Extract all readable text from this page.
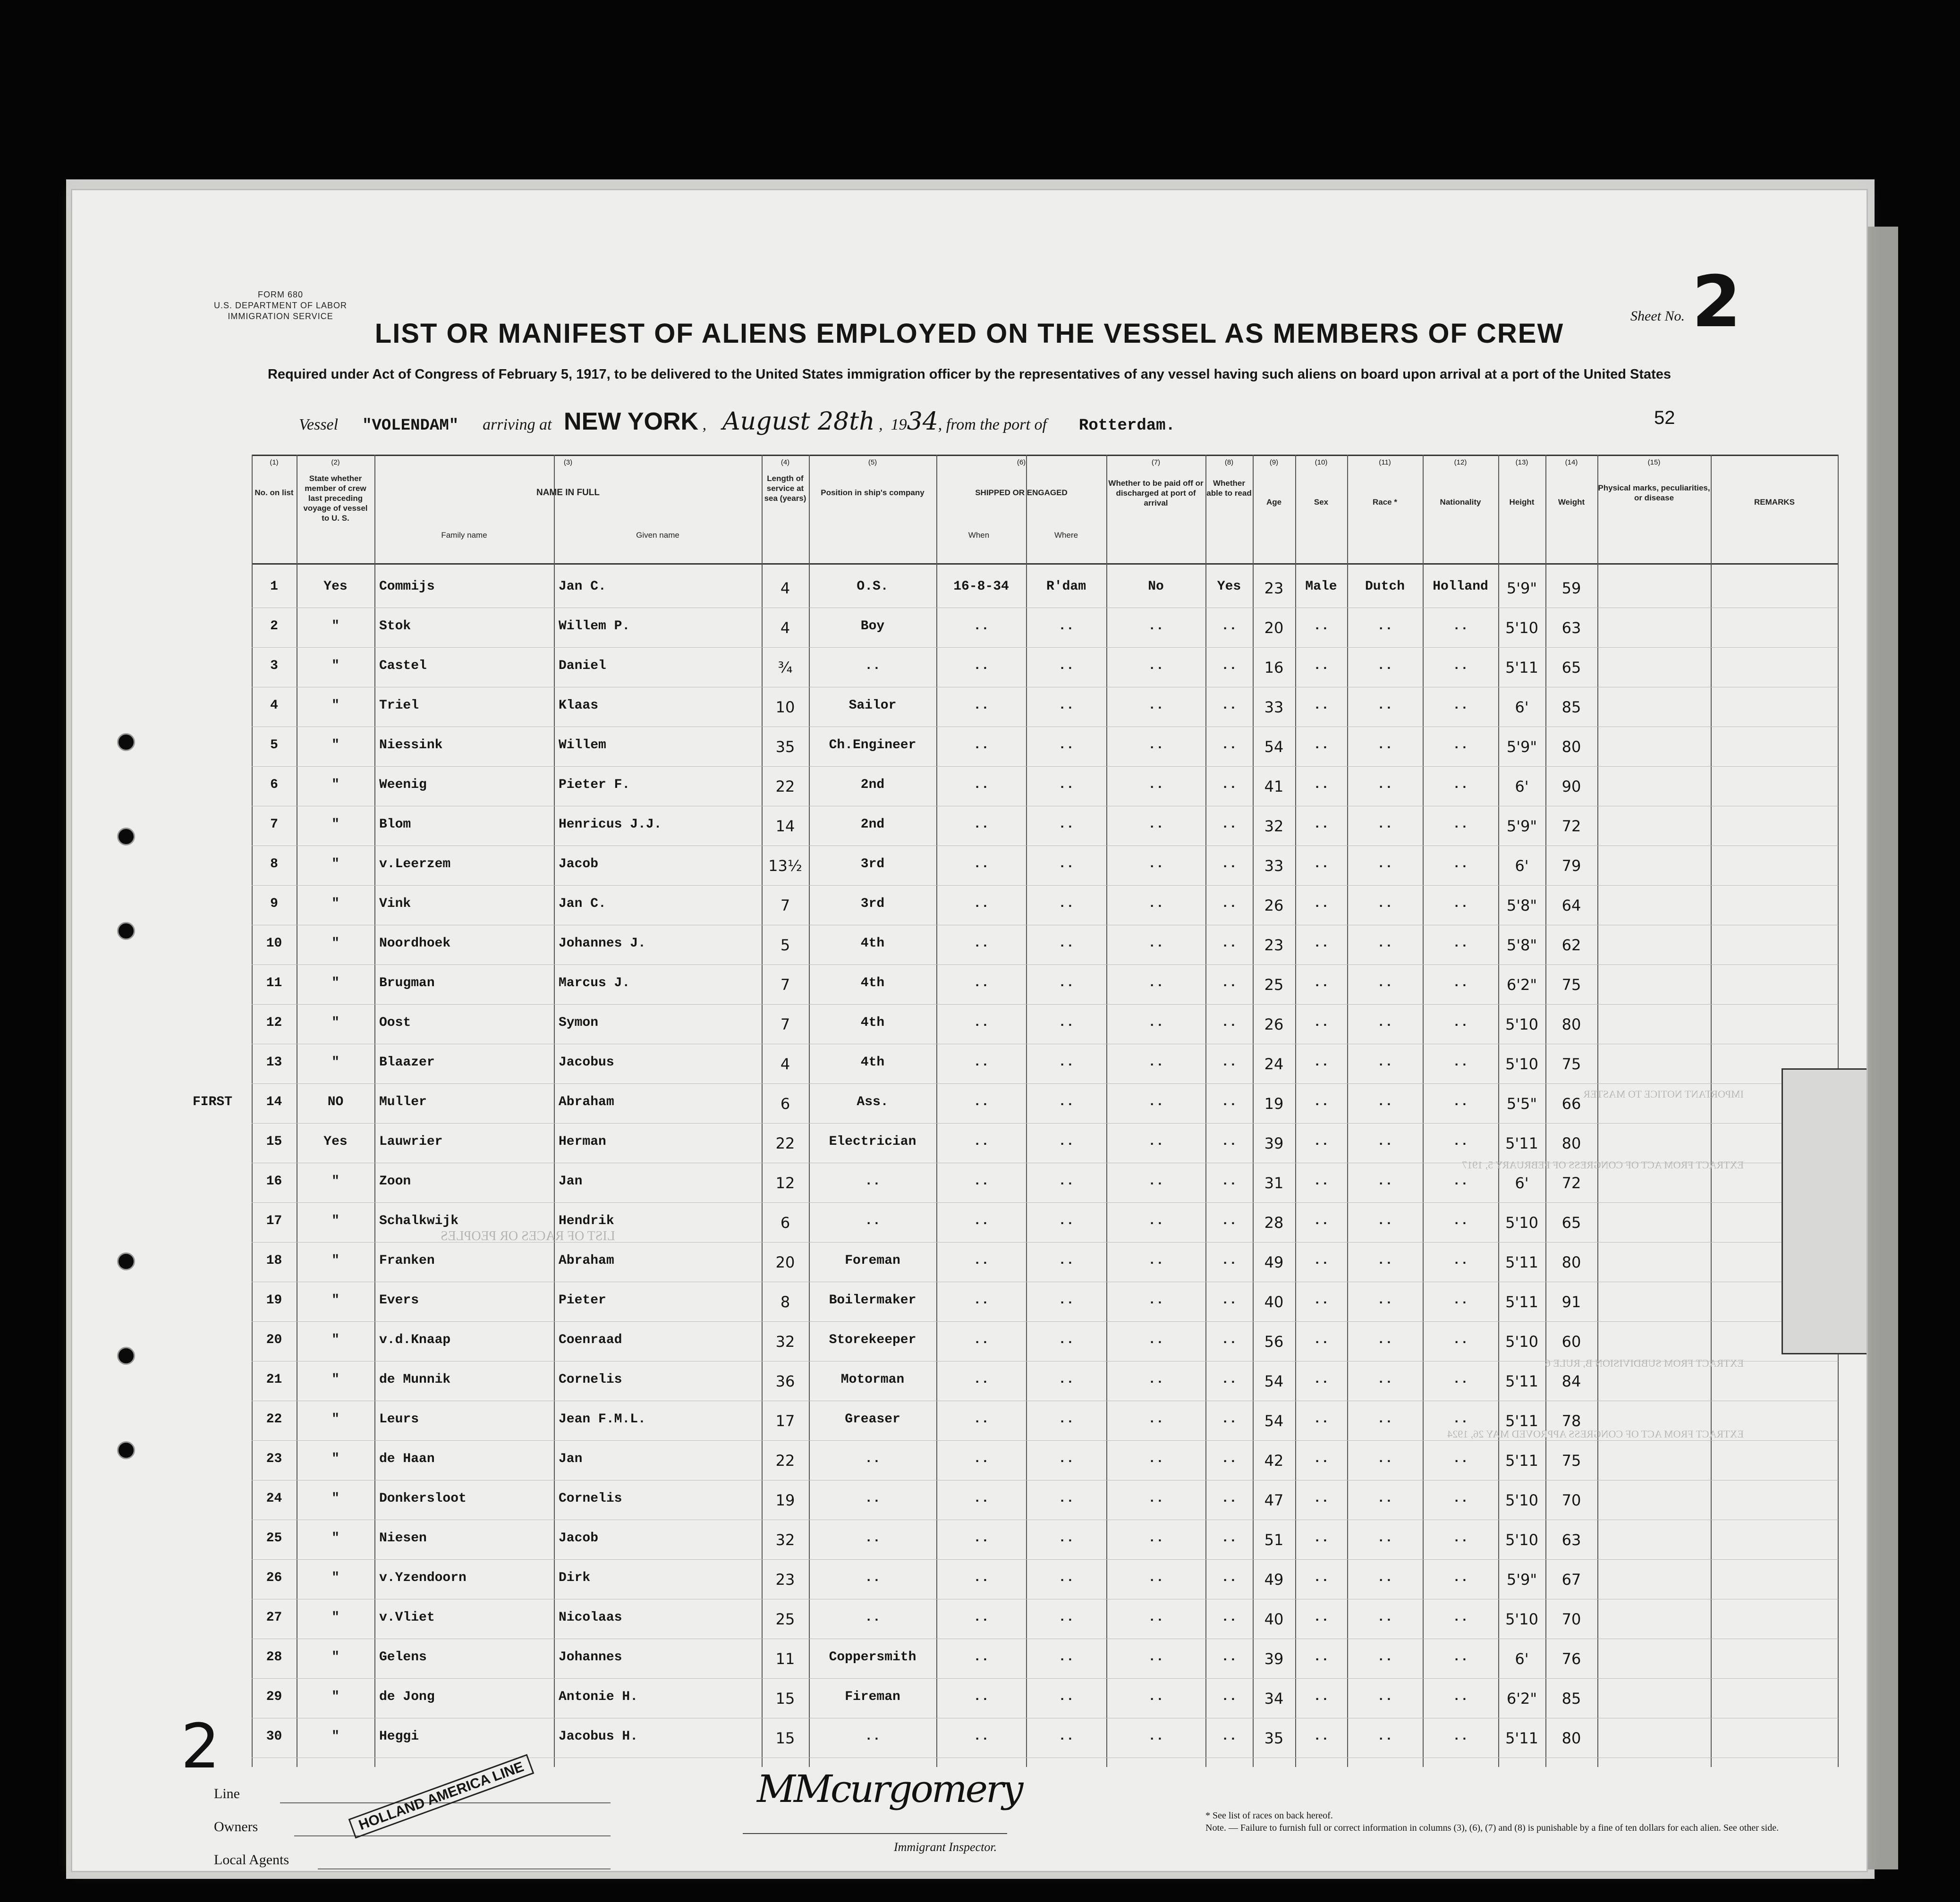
FORM 680
U.S. DEPARTMENT OF LABOR
IMMIGRATION SERVICE	Sheet No. 2
LIST OR MANIFEST OF ALIENS EMPLOYED ON THE VESSEL AS MEMBERS OF CREW
Required under Act of Congress of February 5, 1917, to be delivered to the United States immigration officer by the representatives of any vessel having such aliens on board upon arrival at a port of the United States
Vessel "VOLENDAM" arriving at NEW YORK ,    August 28th ,  1934, from the port of Rotterdam.	52
(1)	(2)	(3)	(4)	(5)	(6)	(7)	(8)	(9)	(10)	(11)	(12)	(13)	(14)	(15)
No. on list
State whether member of crew last preceding voyage of vessel to U. S.
NAME IN FULL
Family name	Given name
Length of service at sea (years)
Position in ship's company	SHIPPED OR ENGAGED
When	Where
Whether to be paid off or discharged at port of arrival
Whether able to read
Age	Sex	Race *	Nationality	Height	Weight
Physical marks, peculiarities, or disease	REMARKS
1	Yes	Commijs	Jan C.	4	O.S.	16-8-34	R'dam	No	Yes	23	Male	Dutch	Holland	5'9"	59
2	"	Stok	Willem P.	4	Boy	..	..	..	..	20	..	..	..	5'10	63
3	"	Castel	Daniel	¾	..	..	..	..	..	16	..	..	..	5'11	65
4	"	Triel	Klaas	10	Sailor	..	..	..	..	33	..	..	..	6'	85
5	"	Niessink	Willem	35	Ch.Engineer	..	..	..	..	54	..	..	..	5'9"	80
6	"	Weenig	Pieter F.	22	2nd	..	..	..	..	41	..	..	..	6'	90
7	"	Blom	Henricus J.J.	14	2nd	..	..	..	..	32	..	..	..	5'9"	72
8	"	v.Leerzem	Jacob	13½	3rd	..	..	..	..	33	..	..	..	6'	79
9	"	Vink	Jan C.	7	3rd	..	..	..	..	26	..	..	..	5'8"	64
10	"	Noordhoek	Johannes J.	5	4th	..	..	..	..	23	..	..	..	5'8"	62
11	"	Brugman	Marcus J.	7	4th	..	..	..	..	25	..	..	..	6'2"	75
12	"	Oost	Symon	7	4th	..	..	..	..	26	..	..	..	5'10	80
13	"	Blaazer	Jacobus	4	4th	..	..	..	..	24	..	..	..	5'10	75
14	NO	Muller	Abraham	6	Ass.	..	..	..	..	19	..	..	..	5'5"	66
FIRST
15	Yes	Lauwrier	Herman	22	Electrician	..	..	..	..	39	..	..	..	5'11	80
16	"	Zoon	Jan	12	..	..	..	..	..	31	..	..	..	6'	72
17	"	Schalkwijk	Hendrik	6	..	..	..	..	..	28	..	..	..	5'10	65
18	"	Franken	Abraham	20	Foreman	..	..	..	..	49	..	..	..	5'11	80
19	"	Evers	Pieter	8	Boilermaker	..	..	..	..	40	..	..	..	5'11	91
20	"	v.d.Knaap	Coenraad	32	Storekeeper	..	..	..	..	56	..	..	..	5'10	60
21	"	de Munnik	Cornelis	36	Motorman	..	..	..	..	54	..	..	..	5'11	84
22	"	Leurs	Jean F.M.L.	17	Greaser	..	..	..	..	54	..	..	..	5'11	78
23	"	de Haan	Jan	22	..	..	..	..	..	42	..	..	..	5'11	75
24	"	Donkersloot	Cornelis	19	..	..	..	..	..	47	..	..	..	5'10	70
25	"	Niesen	Jacob	32	..	..	..	..	..	51	..	..	..	5'10	63
26	"	v.Yzendoorn	Dirk	23	..	..	..	..	..	49	..	..	..	5'9"	67
27	"	v.Vliet	Nicolaas	25	..	..	..	..	..	40	..	..	..	5'10	70
28	"	Gelens	Johannes	11	Coppersmith	..	..	..	..	39	..	..	..	6'	76
29	"	de Jong	Antonie H.	15	Fireman	..	..	..	..	34	..	..	..	6'2"	85
30	"	Heggi	Jacobus H.	15	..	..	..	..	..	35	..	..	..	5'11	80
IMPORTANT NOTICE TO MASTER

EXTRACT FROM ACT OF CONGRESS OF FEBRUARY 5, 1917

EXTRACT FROM SUBDIVISION B, RULE 6

EXTRACT FROM ACT OF CONGRESS APPROVED MAY 26, 1924
LIST OF RACES OR PEOPLES
Line
Owners
Local Agents
HOLLAND AMERICA LINE	MMcurgomery
Immigrant Inspector.
* See list of races on back hereof.
Note. — Failure to furnish full or correct information in columns (3), (6), (7) and (8) is punishable by a fine of ten dollars for each alien. See other side.
2
